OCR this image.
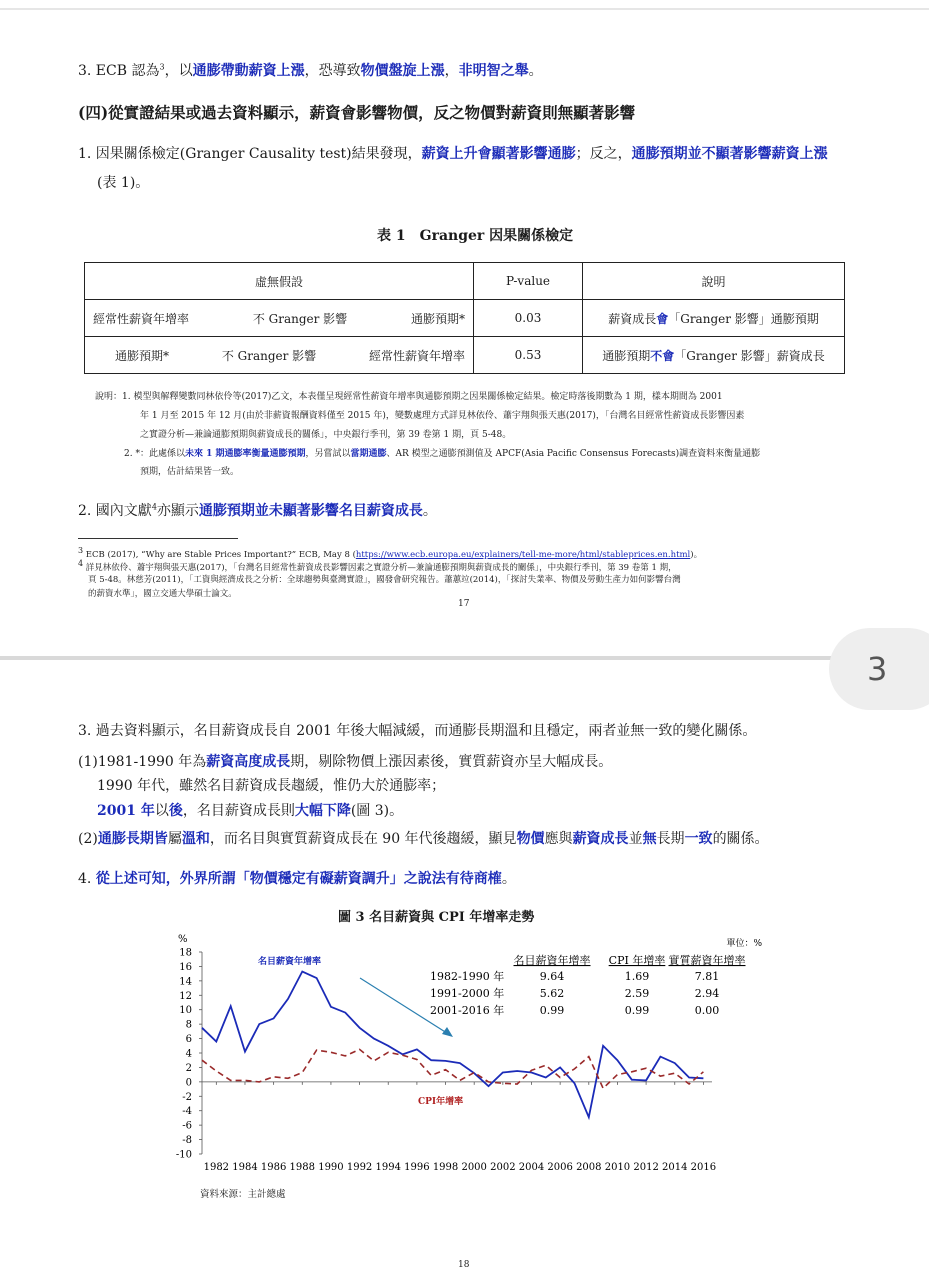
3. ECB 認為$^3$，以通膨帶動薪資上漲，恐導致物價盤旋上漲，非明智之舉。
(四)從實證結果或過去資料顯示，薪資會影響物價，反之物價對薪資則無顯著影響
1. 因果關係檢定(Granger Causality test)結果發現，薪資上升會顯著影響通膨；反之，通膨預期並不顯著影響薪資上漲
(表 1)。
表 1　Granger 因果關係檢定
虛無假設	P-value	說明

經常性薪資年增率 不 Granger 影響 通膨預期*	0.03	薪資成長會「Granger 影響」通膨預期

通膨預期* 不 Granger 影響 經常性薪資年增率	0.53	通膨預期不會「Granger 影響」薪資成長
說明：1. 模型與解釋變數同林依伶等(2017)乙文，本表僅呈現經常性薪資年增率與通膨預期之因果關係檢定結果。檢定時落後期數為 1 期，樣本期間為 2001
年 1 月至 2015 年 12 月(由於非薪資報酬資料僅至 2015 年)，變數處理方式詳見林依伶、蕭宇翔與張天惠(2017)，「台灣名目經常性薪資成長影響因素
之實證分析—兼論通膨預期與薪資成長的關係」，中央銀行季刊，第 39 卷第 1 期，頁 5-48。
2. *：此處係以未來 1 期通膨率衡量通膨預期，另嘗試以當期通膨、AR 模型之通膨預測值及 APCF(Asia Pacific Consensus Forecasts)調查資料來衡量通膨
預期，估計結果皆一致。
2. 國內文獻$^4$亦顯示通膨預期並未顯著影響名目薪資成長。
$^3$ ECB (2017), “Why are Stable Prices Important?” ECB, May 8 (https://www.ecb.europa.eu/explainers/tell-me-more/html/stableprices.en.html)。
$^4$ 詳見林依伶、蕭宇翔與張天惠(2017)，「台灣名目經常性薪資成長影響因素之實證分析—兼論通膨預期與薪資成長的關係」，中央銀行季刊，第 39 卷第 1 期，
頁 5-48。林慈芳(2011)，「工資與經濟成長之分析：全球趨勢與臺灣實證」，國發會研究報告。蕭蕙竝(2014)，「探討失業率、物價及勞動生產力如何影響台灣
的薪資水準」，國立交通大學碩士論文。
17
3
3. 過去資料顯示，名目薪資成長自 2001 年後大幅減緩，而通膨長期溫和且穩定，兩者並無一致的變化關係。
(1)1981-1990 年為薪資高度成長期，剔除物價上漲因素後，實質薪資亦呈大幅成長。
1990 年代，雖然名目薪資成長趨緩，惟仍大於通膨率；
2001 年以後，名目薪資成長則大幅下降(圖 3)。
(2)通膨長期皆屬溫和，而名目與實質薪資成長在 90 年代後趨緩，顯見物價應與薪資成長並無長期一致的關係。
4. 從上述可知，外界所謂「物價穩定有礙薪資調升」之說法有待商榷。
圖 3 名目薪資與 CPI 年增率走勢
%
18
16
14
12
10
8
6
4
2
0
-2
-4
-6
-8
-10
1982 1984 1986 1988 1990 1992 1994 1996 1998 2000 2002 2004 2006 2008 2010 2012 2014 2016
單位：%
名目薪資年增率
CPI年增率
名目薪資年增率 CPI 年增率 實質薪資年增率
1982-1990 年	9.64	1.69	7.81
1991-2000 年	5.62	2.59	2.94
2001-2016 年	0.99	0.99	0.00
資料來源：主計總處
18
